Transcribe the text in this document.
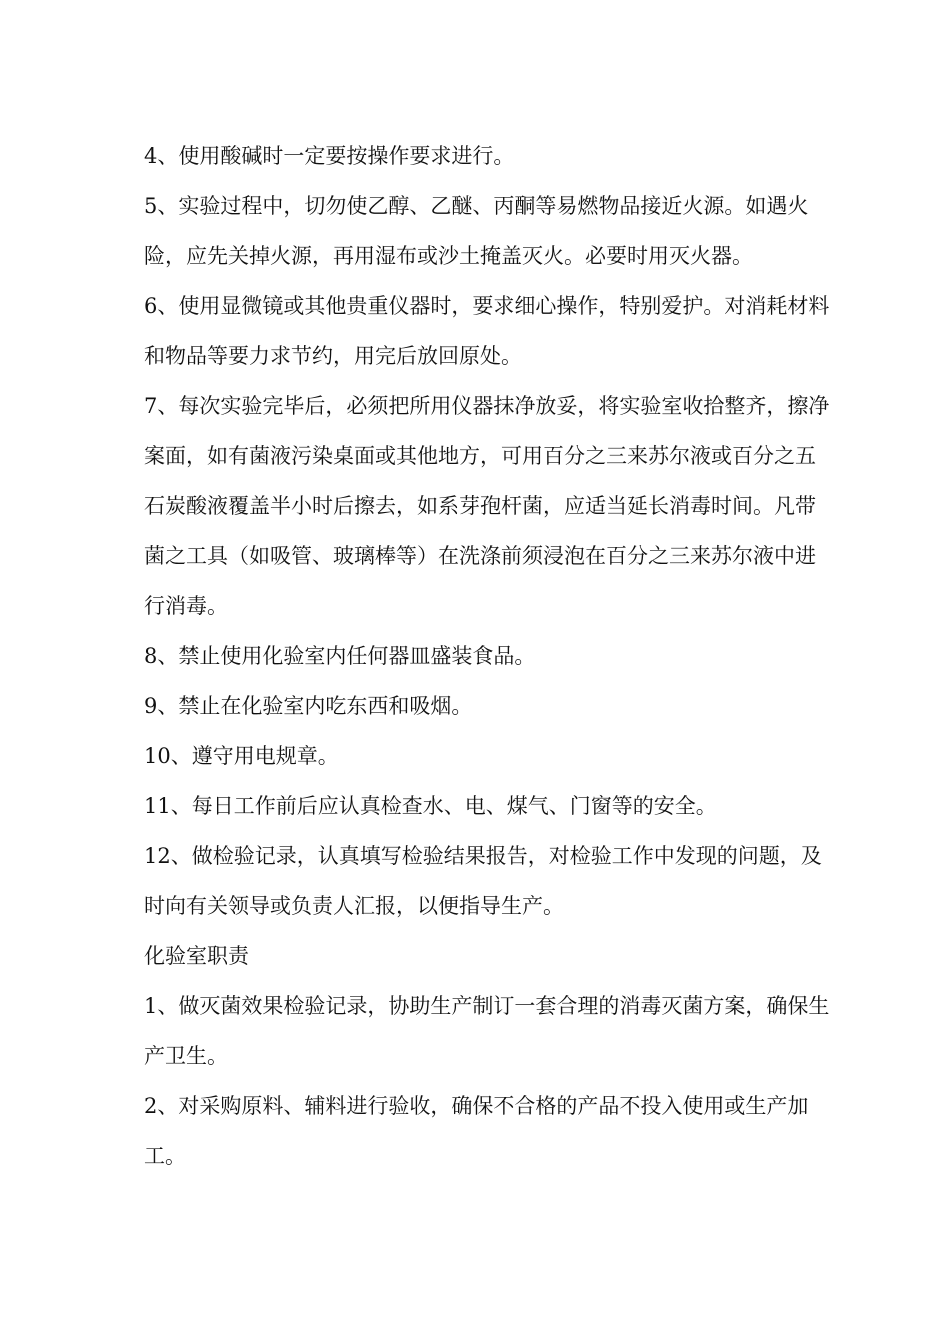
4、使用酸碱时一定要按操作要求进行。

5、实验过程中，切勿使乙醇、乙醚、丙酮等易燃物品接近火源。如遇火险，应先关掉火源，再用湿布或沙土掩盖灭火。必要时用灭火器。

6、使用显微镜或其他贵重仪器时，要求细心操作，特别爱护。对消耗材料和物品等要力求节约，用完后放回原处。

7、每次实验完毕后，必须把所用仪器抹净放妥，将实验室收拾整齐，擦净案面，如有菌液污染桌面或其他地方，可用百分之三来苏尔液或百分之五石炭酸液覆盖半小时后擦去，如系芽孢杆菌，应适当延长消毒时间。凡带菌之工具（如吸管、玻璃棒等）在洗涤前须浸泡在百分之三来苏尔液中进行消毒。

8、禁止使用化验室内任何器皿盛装食品。

9、禁止在化验室内吃东西和吸烟。

10、遵守用电规章。

11、每日工作前后应认真检查水、电、煤气、门窗等的安全。

12、做检验记录，认真填写检验结果报告，对检验工作中发现的问题，及时向有关领导或负责人汇报，以便指导生产。

化验室职责

1、做灭菌效果检验记录，协助生产制订一套合理的消毒灭菌方案，确保生产卫生。

2、对采购原料、辅料进行验收，确保不合格的产品不投入使用或生产加工。
